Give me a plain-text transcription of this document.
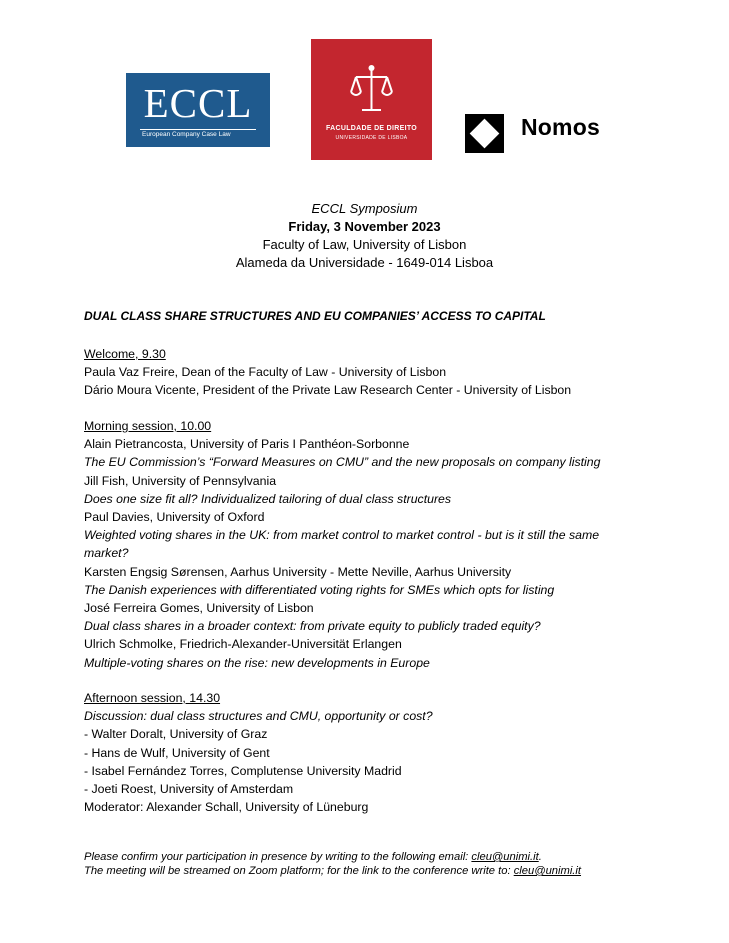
ECCL
European Company Case Law
FACULDADE DE DIREITO
UNIVERSIDADE DE LISBOA	Nomos
ECCL Symposium
Friday, 3 November 2023
Faculty of Law, University of Lisbon
Alameda da Universidade - 1649-014 Lisboa
DUAL CLASS SHARE STRUCTURES AND EU COMPANIES’ ACCESS TO CAPITAL
Welcome, 9.30
Paula Vaz Freire, Dean of the Faculty of Law - University of Lisbon
Dário Moura Vicente, President of the Private Law Research Center - University of Lisbon
Morning session, 10.00
Alain Pietrancosta, University of Paris I Panthéon-Sorbonne
The EU Commission’s “Forward Measures on CMU” and the new proposals on company listing
Jill Fish, University of Pennsylvania
Does one size fit all? Individualized tailoring of dual class structures
Paul Davies, University of Oxford
Weighted voting shares in the UK: from market control to market control - but is it still the same market?
Karsten Engsig Sørensen, Aarhus University - Mette Neville, Aarhus University
The Danish experiences with differentiated voting rights for SMEs which opts for listing
José Ferreira Gomes, University of Lisbon
Dual class shares in a broader context: from private equity to publicly traded equity?
Ulrich Schmolke, Friedrich-Alexander-Universität Erlangen
Multiple-voting shares on the rise: new developments in Europe
Afternoon session, 14.30
Discussion: dual class structures and CMU, opportunity or cost?
- Walter Doralt, University of Graz
- Hans de Wulf, University of Gent
- Isabel Fernández Torres, Complutense University Madrid
- Joeti Roest, University of Amsterdam
Moderator: Alexander Schall, University of Lüneburg
Please confirm your participation in presence by writing to the following email: cleu@unimi.it.
The meeting will be streamed on Zoom platform; for the link to the conference write to: cleu@unimi.it
